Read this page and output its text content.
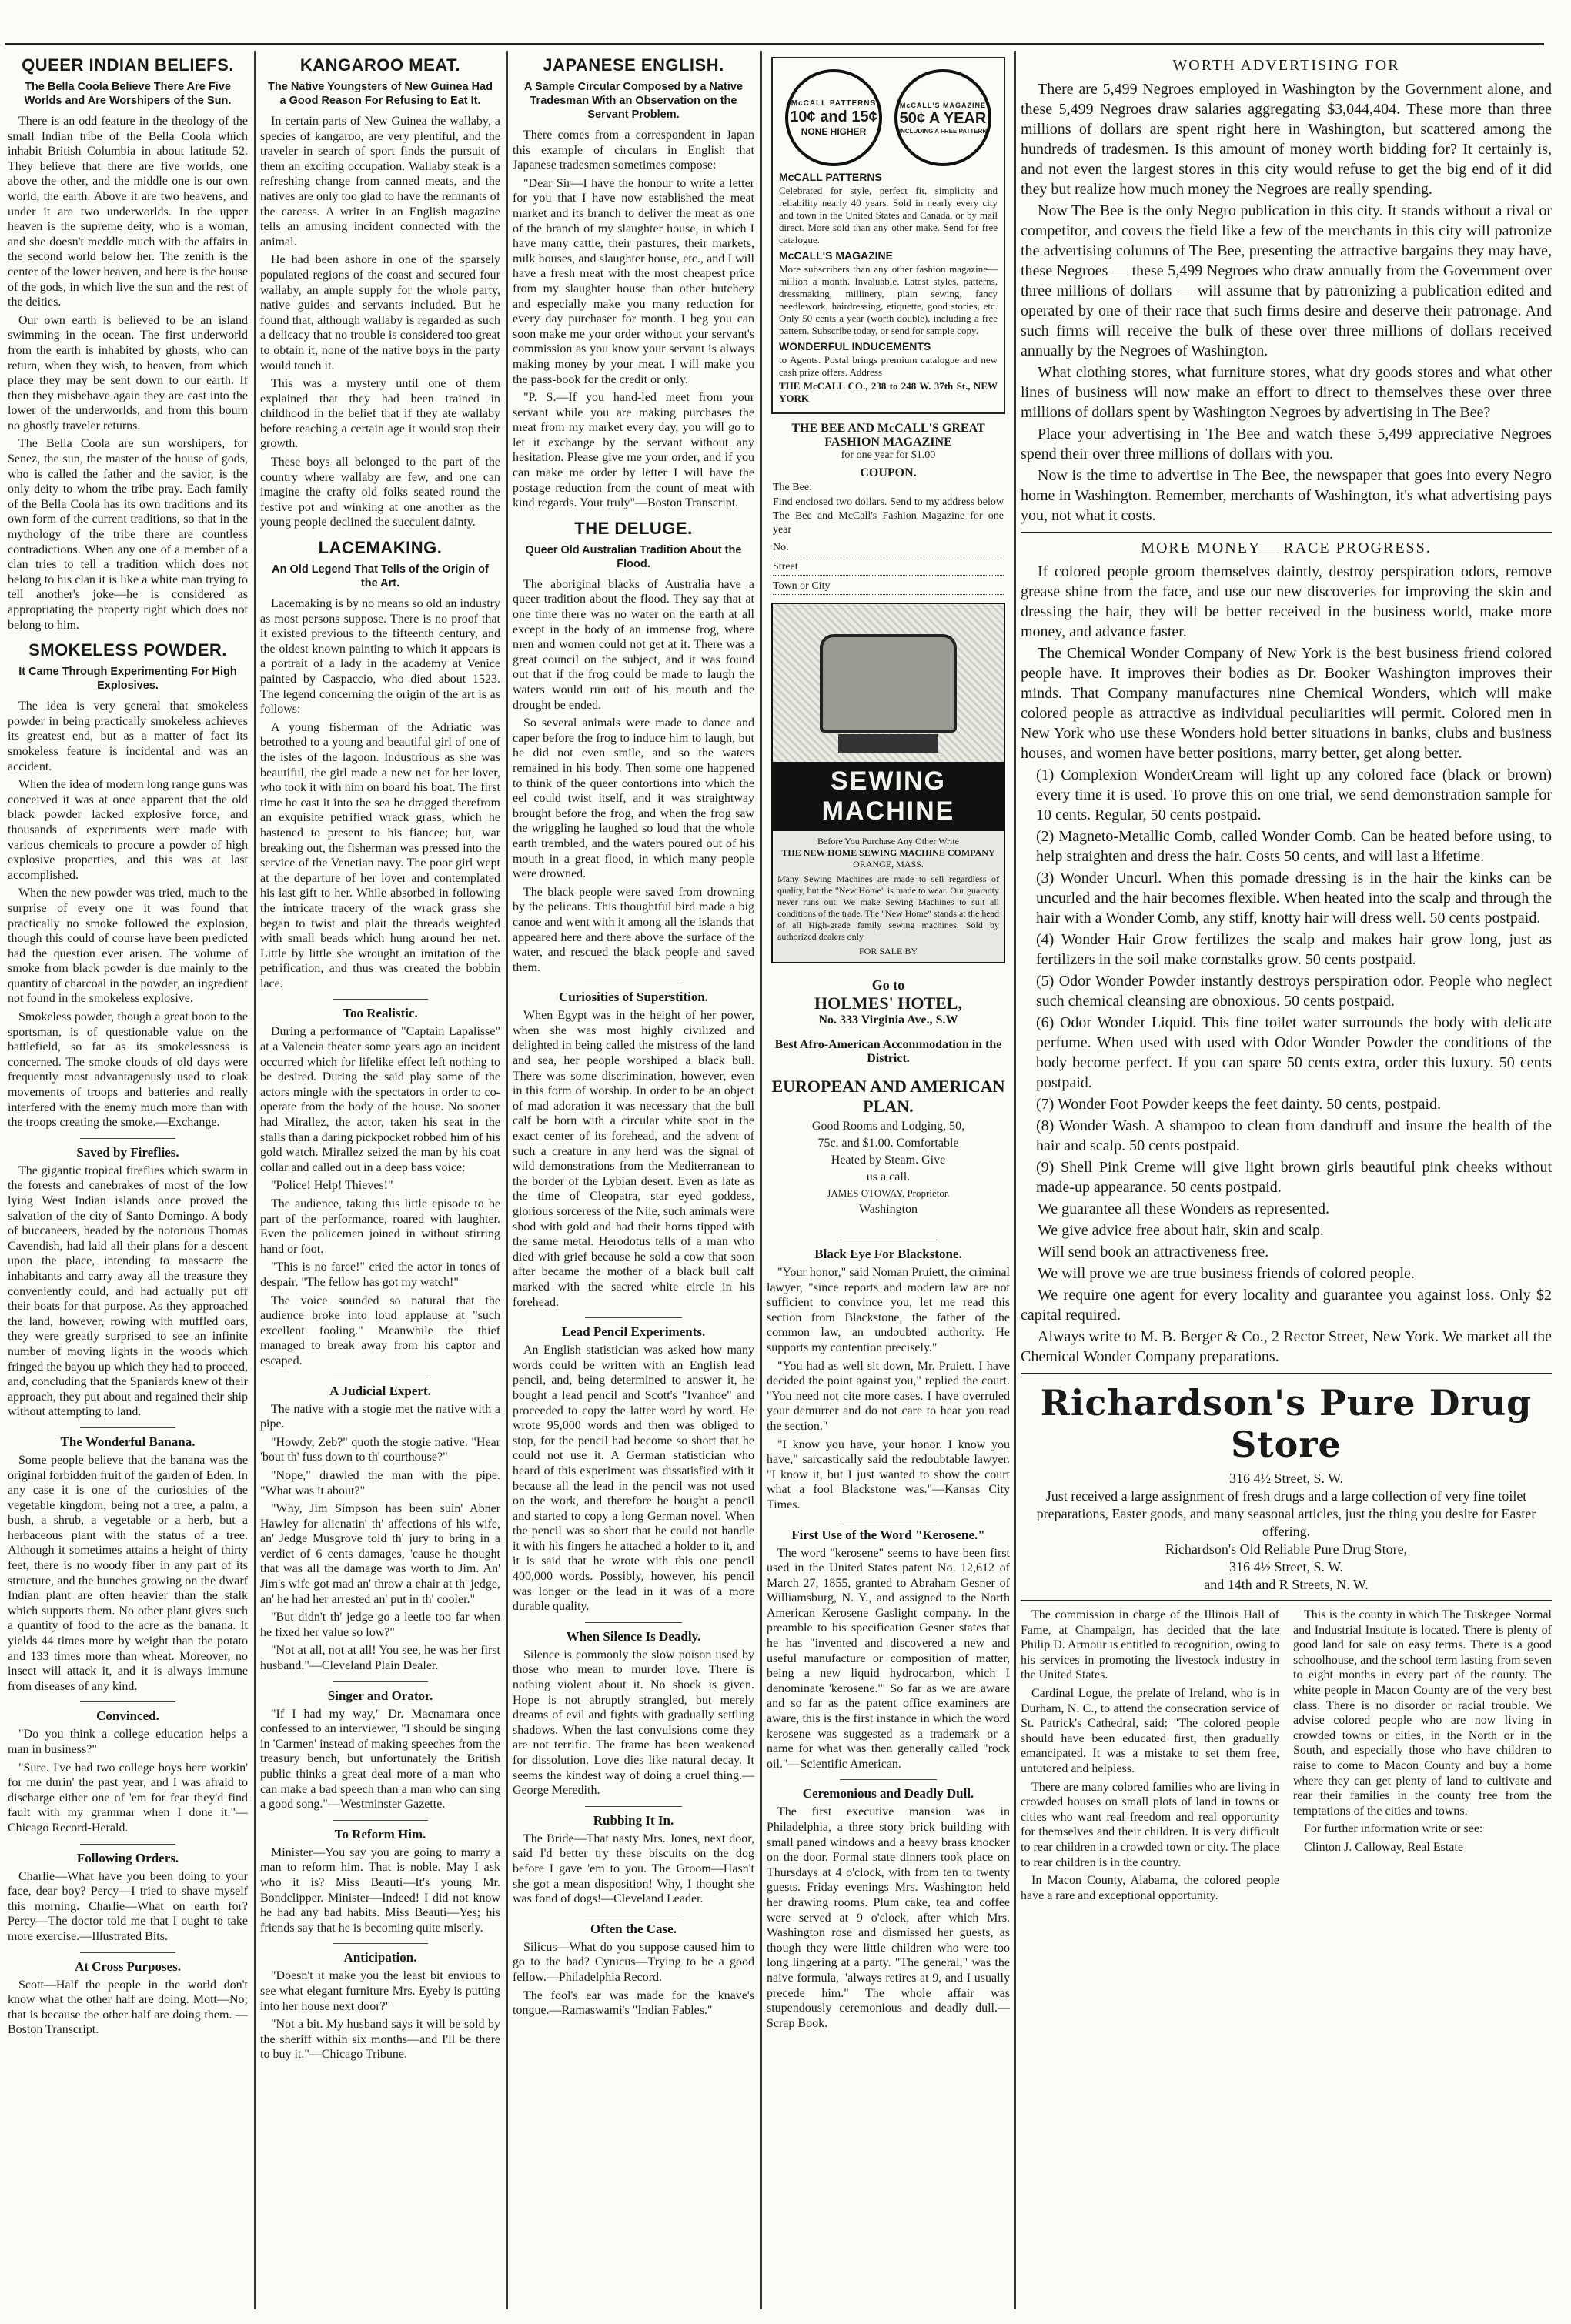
QUEER INDIAN BELIEFS.
The Bella Coola Believe There Are Five Worlds and Are Worshipers of the Sun.

There is an odd feature in the theology of the small Indian tribe of the Bella Coola which inhabit British Columbia in about latitude 52. They believe that there are five worlds, one above the other, and the middle one is our own world, the earth. Above it are two heavens, and under it are two underworlds. In the upper heaven is the supreme deity, who is a woman, and she doesn't meddle much with the affairs in the second world below her. The zenith is the center of the lower heaven, and here is the house of the gods, in which live the sun and the rest of the deities.

Our own earth is believed to be an island swimming in the ocean. The first underworld from the earth is inhabited by ghosts, who can return, when they wish, to heaven, from which place they may be sent down to our earth. If then they misbehave again they are cast into the lower of the underworlds, and from this bourn no ghostly traveler returns.

The Bella Coola are sun worshipers, for Senez, the sun, the master of the house of gods, who is called the father and the savior, is the only deity to whom the tribe pray. Each family of the Bella Coola has its own traditions and its own form of the current traditions, so that in the mythology of the tribe there are countless contradictions. When any one of a member of a clan tries to tell a tradition which does not belong to his clan it is like a white man trying to tell another's joke—he is considered as appropriating the property right which does not belong to him.

SMOKELESS POWDER.
It Came Through Experimenting For High Explosives.

The idea is very general that smokeless powder in being practically smokeless achieves its greatest end, but as a matter of fact its smokeless feature is incidental and was an accident.

When the idea of modern long range guns was conceived it was at once apparent that the old black powder lacked explosive force, and thousands of experiments were made with various chemicals to procure a powder of high explosive properties, and this was at last accomplished.

When the new powder was tried, much to the surprise of every one it was found that practically no smoke followed the explosion, though this could of course have been predicted had the question ever arisen. The volume of smoke from black powder is due mainly to the quantity of charcoal in the powder, an ingredient not found in the smokeless explosive.

Smokeless powder, though a great boon to the sportsman, is of questionable value on the battlefield, so far as its smokelessness is concerned. The smoke clouds of old days were frequently most advantageously used to cloak movements of troops and batteries and really interfered with the enemy much more than with the troops creating the smoke.—Exchange.

Saved by Fireflies.

The gigantic tropical fireflies which swarm in the forests and canebrakes of most of the low lying West Indian islands once proved the salvation of the city of Santo Domingo. A body of buccaneers, headed by the notorious Thomas Cavendish, had laid all their plans for a descent upon the place, intending to massacre the inhabitants and carry away all the treasure they conveniently could, and had actually put off their boats for that purpose. As they approached the land, however, rowing with muffled oars, they were greatly surprised to see an infinite number of moving lights in the woods which fringed the bayou up which they had to proceed, and, concluding that the Spaniards knew of their approach, they put about and regained their ship without attempting to land.

The Wonderful Banana.

Some people believe that the banana was the original forbidden fruit of the garden of Eden. In any case it is one of the curiosities of the vegetable kingdom, being not a tree, a palm, a bush, a shrub, a vegetable or a herb, but a herbaceous plant with the status of a tree. Although it sometimes attains a height of thirty feet, there is no woody fiber in any part of its structure, and the bunches growing on the dwarf Indian plant are often heavier than the stalk which supports them. No other plant gives such a quantity of food to the acre as the banana. It yields 44 times more by weight than the potato and 133 times more than wheat. Moreover, no insect will attack it, and it is always immune from diseases of any kind.

Convinced.

"Do you think a college education helps a man in business?"

"Sure. I've had two college boys here workin' for me durin' the past year, and I was afraid to discharge either one of 'em for fear they'd find fault with my grammar when I done it."—Chicago Record-Herald.

Following Orders.

Charlie—What have you been doing to your face, dear boy? Percy—I tried to shave myself this morning. Charlie—What on earth for? Percy—The doctor told me that I ought to take more exercise.—Illustrated Bits.

At Cross Purposes.

Scott—Half the people in the world don't know what the other half are doing. Mott—No; that is because the other half are doing them. — Boston Transcript.

KANGAROO MEAT.
The Native Youngsters of New Guinea Had a Good Reason For Refusing to Eat It.

In certain parts of New Guinea the wallaby, a species of kangaroo, are very plentiful, and the traveler in search of sport finds the pursuit of them an exciting occupation. Wallaby steak is a refreshing change from canned meats, and the natives are only too glad to have the remnants of the carcass. A writer in an English magazine tells an amusing incident connected with the animal.

He had been ashore in one of the sparsely populated regions of the coast and secured four wallaby, an ample supply for the whole party, native guides and servants included. But he found that, although wallaby is regarded as such a delicacy that no trouble is considered too great to obtain it, none of the native boys in the party would touch it.

This was a mystery until one of them explained that they had been trained in childhood in the belief that if they ate wallaby before reaching a certain age it would stop their growth.

These boys all belonged to the part of the country where wallaby are few, and one can imagine the crafty old folks seated round the festive pot and winking at one another as the young people declined the succulent dainty.

LACEMAKING.
An Old Legend That Tells of the Origin of the Art.

Lacemaking is by no means so old an industry as most persons suppose. There is no proof that it existed previous to the fifteenth century, and the oldest known painting to which it appears is a portrait of a lady in the academy at Venice painted by Caspaccio, who died about 1523. The legend concerning the origin of the art is as follows:

A young fisherman of the Adriatic was betrothed to a young and beautiful girl of one of the isles of the lagoon. Industrious as she was beautiful, the girl made a new net for her lover, who took it with him on board his boat. The first time he cast it into the sea he dragged therefrom an exquisite petrified wrack grass, which he hastened to present to his fiancee; but, war breaking out, the fisherman was pressed into the service of the Venetian navy. The poor girl wept at the departure of her lover and contemplated his last gift to her. While absorbed in following the intricate tracery of the wrack grass she began to twist and plait the threads weighted with small beads which hung around her net. Little by little she wrought an imitation of the petrification, and thus was created the bobbin lace.

Too Realistic.

During a performance of "Captain Lapalisse" at a Valencia theater some years ago an incident occurred which for lifelike effect left nothing to be desired. During the said play some of the actors mingle with the spectators in order to co-operate from the body of the house. No sooner had Mirallez, the actor, taken his seat in the stalls than a daring pickpocket robbed him of his gold watch. Mirallez seized the man by his coat collar and called out in a deep bass voice:

"Police! Help! Thieves!"

The audience, taking this little episode to be part of the performance, roared with laughter. Even the policemen joined in without stirring hand or foot.

"This is no farce!" cried the actor in tones of despair. "The fellow has got my watch!"

The voice sounded so natural that the audience broke into loud applause at "such excellent fooling." Meanwhile the thief managed to break away from his captor and escaped.

A Judicial Expert.

The native with a stogie met the native with a pipe.

"Howdy, Zeb?" quoth the stogie native. "Hear 'bout th' fuss down to th' courthouse?"

"Nope," drawled the man with the pipe. "What was it about?"

"Why, Jim Simpson has been suin' Abner Hawley for alienatin' th' affections of his wife, an' Jedge Musgrove told th' jury to bring in a verdict of 6 cents damages, 'cause he thought that was all the damage was worth to Jim. An' Jim's wife got mad an' throw a chair at th' jedge, an' he had her arrested an' put in th' cooler."

"But didn't th' jedge go a leetle too far when he fixed her value so low?"

"Not at all, not at all! You see, he was her first husband."—Cleveland Plain Dealer.

Singer and Orator.

"If I had my way," Dr. Macnamara once confessed to an interviewer, "I should be singing in 'Carmen' instead of making speeches from the treasury bench, but unfortunately the British public thinks a great deal more of a man who can make a bad speech than a man who can sing a good song."—Westminster Gazette.

To Reform Him.

Minister—You say you are going to marry a man to reform him. That is noble. May I ask who it is? Miss Beauti—It's young Mr. Bondclipper. Minister—Indeed! I did not know he had any bad habits. Miss Beauti—Yes; his friends say that he is becoming quite miserly.

Anticipation.

"Doesn't it make you the least bit envious to see what elegant furniture Mrs. Eyeby is putting into her house next door?"

"Not a bit. My husband says it will be sold by the sheriff within six months—and I'll be there to buy it."—Chicago Tribune.

JAPANESE ENGLISH.
A Sample Circular Composed by a Native Tradesman With an Observation on the Servant Problem.

There comes from a correspondent in Japan this example of circulars in English that Japanese tradesmen sometimes compose:

"Dear Sir—I have the honour to write a letter for you that I have now established the meat market and its branch to deliver the meat as one of the branch of my slaughter house, in which I have many cattle, their pastures, their markets, milk houses, and slaughter house, etc., and I will have a fresh meat with the most cheapest price from my slaughter house than other butchery and especially make you many reduction for every day purchaser for month. I beg you can soon make me your order without your servant's commission as you know your servant is always making money by your meat. I will make you the pass-book for the credit or only.

"P. S.—If you hand-led meet from your servant while you are making purchases the meat from my market every day, you will go to let it exchange by the servant without any hesitation. Please give me your order, and if you can make me order by letter I will have the postage reduction from the count of meat with kind regards. Your truly"—Boston Transcript.

THE DELUGE.
Queer Old Australian Tradition About the Flood.

The aboriginal blacks of Australia have a queer tradition about the flood. They say that at one time there was no water on the earth at all except in the body of an immense frog, where men and women could not get at it. There was a great council on the subject, and it was found out that if the frog could be made to laugh the waters would run out of his mouth and the drought be ended.

So several animals were made to dance and caper before the frog to induce him to laugh, but he did not even smile, and so the waters remained in his body. Then some one happened to think of the queer contortions into which the eel could twist itself, and it was straightway brought before the frog, and when the frog saw the wriggling he laughed so loud that the whole earth trembled, and the waters poured out of his mouth in a great flood, in which many people were drowned.

The black people were saved from drowning by the pelicans. This thoughtful bird made a big canoe and went with it among all the islands that appeared here and there above the surface of the water, and rescued the black people and saved them.

Curiosities of Superstition.

When Egypt was in the height of her power, when she was most highly civilized and delighted in being called the mistress of the land and sea, her people worshiped a black bull. There was some discrimination, however, even in this form of worship. In order to be an object of mad adoration it was necessary that the bull calf be born with a circular white spot in the exact center of its forehead, and the advent of such a creature in any herd was the signal of wild demonstrations from the Mediterranean to the border of the Lybian desert. Even as late as the time of Cleopatra, star eyed goddess, glorious sorceress of the Nile, such animals were shod with gold and had their horns tipped with the same metal. Herodotus tells of a man who died with grief because he sold a cow that soon after became the mother of a black bull calf marked with the sacred white circle in his forehead.

Lead Pencil Experiments.

An English statistician was asked how many words could be written with an English lead pencil, and, being determined to answer it, he bought a lead pencil and Scott's "Ivanhoe" and proceeded to copy the latter word by word. He wrote 95,000 words and then was obliged to stop, for the pencil had become so short that he could not use it. A German statistician who heard of this experiment was dissatisfied with it because all the lead in the pencil was not used on the work, and therefore he bought a pencil and started to copy a long German novel. When the pencil was so short that he could not handle it with his fingers he attached a holder to it, and it is said that he wrote with this one pencil 400,000 words. Possibly, however, his pencil was longer or the lead in it was of a more durable quality.

When Silence Is Deadly.

Silence is commonly the slow poison used by those who mean to murder love. There is nothing violent about it. No shock is given. Hope is not abruptly strangled, but merely dreams of evil and fights with gradually settling shadows. When the last convulsions come they are not terrific. The frame has been weakened for dissolution. Love dies like natural decay. It seems the kindest way of doing a cruel thing.—George Meredith.

Rubbing It In.

The Bride—That nasty Mrs. Jones, next door, said I'd better try these biscuits on the dog before I gave 'em to you. The Groom—Hasn't she got a mean disposition! Why, I thought she was fond of dogs!—Cleveland Leader.

Often the Case.

Silicus—What do you suppose caused him to go to the bad? Cynicus—Trying to be a good fellow.—Philadelphia Record.

The fool's ear was made for the knave's tongue.—Ramaswami's "Indian Fables."

McCALL PATTERNS
10¢ and 15¢
NONE HIGHER
McCALL'S MAGAZINE
50¢ A YEAR
INCLUDING A FREE PATTERN
McCALL PATTERNS

Celebrated for style, perfect fit, simplicity and reliability nearly 40 years. Sold in nearly every city and town in the United States and Canada, or by mail direct. More sold than any other make. Send for free catalogue.

McCALL'S MAGAZINE

More subscribers than any other fashion magazine—million a month. Invaluable. Latest styles, patterns, dressmaking, millinery, plain sewing, fancy needlework, hairdressing, etiquette, good stories, etc. Only 50 cents a year (worth double), including a free pattern. Subscribe today, or send for sample copy.

WONDERFUL INDUCEMENTS

to Agents. Postal brings premium catalogue and new cash prize offers. Address

THE McCALL CO., 238 to 248 W. 37th St., NEW YORK

THE BEE AND McCALL'S GREAT FASHION MAGAZINE
for one year for $1.00
COUPON.

The Bee:

Find enclosed two dollars. Send to my address below The Bee and McCall's Fashion Magazine for one year

No.
Street
Town or City
SEWING MACHINE
Before You Purchase Any Other Write
THE NEW HOME SEWING MACHINE COMPANY
ORANGE, MASS.
Many Sewing Machines are made to sell regardless of quality, but the "New Home" is made to wear. Our guaranty never runs out. We make Sewing Machines to suit all conditions of the trade. The "New Home" stands at the head of all High-grade family sewing machines. Sold by authorized dealers only.
FOR SALE BY
Go to
HOLMES' HOTEL,
No. 333 Virginia Ave., S.W
Best Afro-American Accommodation in the District.
EUROPEAN AND AMERICAN PLAN.
Good Rooms and Lodging, 50,
75c. and $1.00. Comfortable
Heated by Steam. Give
us a call.
JAMES OTOWAY, Proprietor.
Washington
Black Eye For Blackstone.

"Your honor," said Noman Pruiett, the criminal lawyer, "since reports and modern law are not sufficient to convince you, let me read this section from Blackstone, the father of the common law, an undoubted authority. He supports my contention precisely."

"You had as well sit down, Mr. Pruiett. I have decided the point against you," replied the court. "You need not cite more cases. I have overruled your demurrer and do not care to hear you read the section."

"I know you have, your honor. I know you have," sarcastically said the redoubtable lawyer. "I know it, but I just wanted to show the court what a fool Blackstone was."—Kansas City Times.

First Use of the Word "Kerosene."

The word "kerosene" seems to have been first used in the United States patent No. 12,612 of March 27, 1855, granted to Abraham Gesner of Williamsburg, N. Y., and assigned to the North American Kerosene Gaslight company. In the preamble to his specification Gesner states that he has "invented and discovered a new and useful manufacture or composition of matter, being a new liquid hydrocarbon, which I denominate 'kerosene.'" So far as we are aware and so far as the patent office examiners are aware, this is the first instance in which the word kerosene was suggested as a trademark or a name for what was then generally called "rock oil."—Scientific American.

Ceremonious and Deadly Dull.

The first executive mansion was in Philadelphia, a three story brick building with small paned windows and a heavy brass knocker on the door. Formal state dinners took place on Thursdays at 4 o'clock, with from ten to twenty guests. Friday evenings Mrs. Washington held her drawing rooms. Plum cake, tea and coffee were served at 9 o'clock, after which Mrs. Washington rose and dismissed her guests, as though they were little children who were too long lingering at a party. "The general," was the naive formula, "always retires at 9, and I usually precede him." The whole affair was stupendously ceremonious and deadly dull.—Scrap Book.

WORTH ADVERTISING FOR

There are 5,499 Negroes employed in Washington by the Government alone, and these 5,499 Negroes draw salaries aggregating $3,044,404. These more than three millions of dollars are spent right here in Washington, but scattered among the hundreds of tradesmen. Is this amount of money worth bidding for? It certainly is, and not even the largest stores in this city would refuse to get the big end of it did they but realize how much money the Negroes are really spending.

Now The Bee is the only Negro publication in this city. It stands without a rival or competitor, and covers the field like a few of the merchants in this city will patronize the advertising columns of The Bee, presenting the attractive bargains they may have, these Negroes — these 5,499 Negroes who draw annually from the Government over three millions of dollars — will assume that by patronizing a publication edited and operated by one of their race that such firms desire and deserve their patronage. And such firms will receive the bulk of these over three millions of dollars received annually by the Negroes of Washington.

What clothing stores, what furniture stores, what dry goods stores and what other lines of business will now make an effort to direct to themselves these over three millions of dollars spent by Washington Negroes by advertising in The Bee?

Place your advertising in The Bee and watch these 5,499 appreciative Negroes spend their over three millions of dollars with you.

Now is the time to advertise in The Bee, the newspaper that goes into every Negro home in Washington. Remember, merchants of Washington, it's what advertising pays you, not what it costs.

MORE MONEY— RACE PROGRESS.

If colored people groom themselves daintly, destroy perspiration odors, remove grease shine from the face, and use our new discoveries for improving the skin and dressing the hair, they will be better received in the business world, make more money, and advance faster.

The Chemical Wonder Company of New York is the best business friend colored people have. It improves their bodies as Dr. Booker Washington improves their minds. That Company manufactures nine Chemical Wonders, which will make colored people as attractive as individual peculiarities will permit. Colored men in New York who use these Wonders hold better situations in banks, clubs and business houses, and women have better positions, marry better, get along better.

(1) Complexion WonderCream will light up any colored face (black or brown) every time it is used. To prove this on one trial, we send demonstration sample for 10 cents. Regular, 50 cents postpaid.

(2) Magneto-Metallic Comb, called Wonder Comb. Can be heated before using, to help straighten and dress the hair. Costs 50 cents, and will last a lifetime.

(3) Wonder Uncurl. When this pomade dressing is in the hair the kinks can be uncurled and the hair becomes flexible. When heated into the scalp and through the hair with a Wonder Comb, any stiff, knotty hair will dress well. 50 cents postpaid.

(4) Wonder Hair Grow fertilizes the scalp and makes hair grow long, just as fertilizers in the soil make cornstalks grow. 50 cents postpaid.

(5) Odor Wonder Powder instantly destroys perspiration odor. People who neglect such chemical cleansing are obnoxious. 50 cents postpaid.

(6) Odor Wonder Liquid. This fine toilet water surrounds the body with delicate perfume. When used with used with Odor Wonder Powder the conditions of the body become perfect. If you can spare 50 cents extra, order this luxury. 50 cents postpaid.

(7) Wonder Foot Powder keeps the feet dainty. 50 cents, postpaid.

(8) Wonder Wash. A shampoo to clean from dandruff and insure the health of the hair and scalp. 50 cents postpaid.

(9) Shell Pink Creme will give light brown girls beautiful pink cheeks without made-up appearance. 50 cents postpaid.

We guarantee all these Wonders as represented.

We give advice free about hair, skin and scalp.

Will send book an attractiveness free.

We will prove we are true business friends of colored people.

We require one agent for every locality and guarantee you against loss. Only $2 capital required.

Always write to M. B. Berger & Co., 2 Rector Street, New York. We market all the Chemical Wonder Company preparations.

Richardson's Pure Drug Store

316 4½ Street, S. W.

Just received a large assignment of fresh drugs and a large collection of very fine toilet preparations, Easter goods, and many seasonal articles, just the thing you desire for Easter offering.

Richardson's Old Reliable Pure Drug Store,

316 4½ Street, S. W.

and 14th and R Streets, N. W.

The commission in charge of the Illinois Hall of Fame, at Champaign, has decided that the late Philip D. Armour is entitled to recognition, owing to his services in promoting the livestock industry in the United States.

Cardinal Logue, the prelate of Ireland, who is in Durham, N. C., to attend the consecration service of St. Patrick's Cathedral, said: "The colored people should have been educated first, then gradually emancipated. It was a mistake to set them free, untutored and helpless.

There are many colored families who are living in crowded houses on small plots of land in towns or cities who want real freedom and real opportunity for themselves and their children. It is very difficult to rear children in a crowded town or city. The place to rear children is in the country.

In Macon County, Alabama, the colored people have a rare and exceptional opportunity.

This is the county in which The Tuskegee Normal and Industrial Institute is located. There is plenty of good land for sale on easy terms. There is a good schoolhouse, and the school term lasting from seven to eight months in every part of the county. The white people in Macon County are of the very best class. There is no disorder or racial trouble. We advise colored people who are now living in crowded towns or cities, in the North or in the South, and especially those who have children to raise to come to Macon County and buy a home where they can get plenty of land to cultivate and rear their families in the county free from the temptations of the cities and towns.

For further information write or see:

Clinton J. Calloway, Real Estate
